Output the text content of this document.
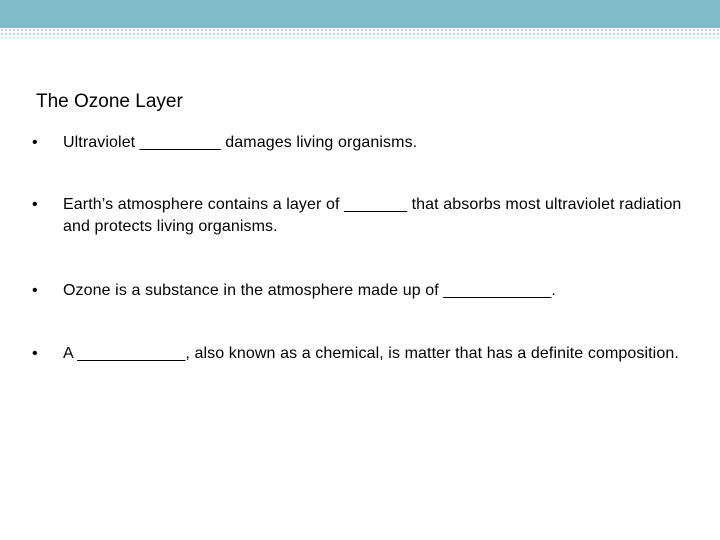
The Ozone Layer
• Ultraviolet _________ damages living organisms.
• Earth’s atmosphere contains a layer of _______ that absorbs most ultraviolet radiation and protects living organisms.
• Ozone is a substance in the atmosphere made up of ____________.
• A ____________, also known as a chemical, is matter that has a definite composition.
